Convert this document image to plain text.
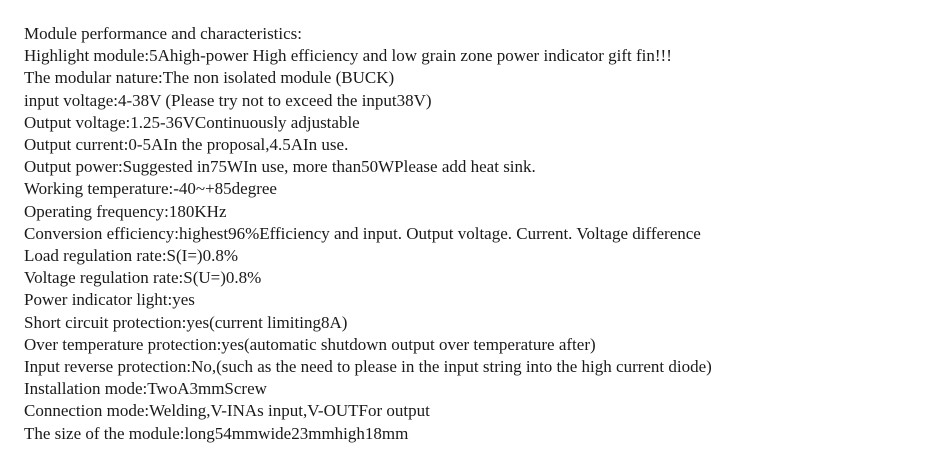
Module performance and characteristics:
Highlight module:5Ahigh-power High efficiency and low grain zone power indicator gift fin!!!
The modular nature:The non isolated module (BUCK)
input voltage:4-38V (Please try not to exceed the input38V)
Output voltage:1.25-36VContinuously adjustable
Output current:0-5AIn the proposal,4.5AIn use.
Output power:Suggested in75WIn use, more than50WPlease add heat sink.
Working temperature:-40~+85degree
Operating frequency:180KHz
Conversion efficiency:highest96%Efficiency and input. Output voltage. Current. Voltage difference
Load regulation rate:S(I=)0.8%
Voltage regulation rate:S(U=)0.8%
Power indicator light:yes
Short circuit protection:yes(current limiting8A)
Over temperature protection:yes(automatic shutdown output over temperature after)
Input reverse protection:No,(such as the need to please in the input string into the high current diode)
Installation mode:TwoA3mmScrew
Connection mode:Welding,V-INAs input,V-OUTFor output
The size of the module:long54mmwide23mmhigh18mm
